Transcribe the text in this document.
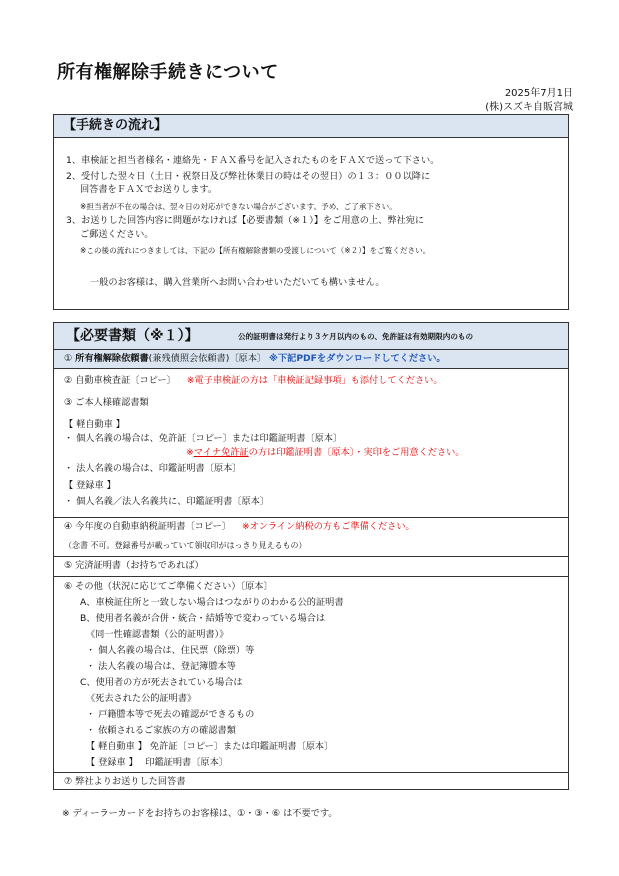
所有権解除手続きについて
2025年7月1日
(株)スズキ自販宮城
【手続きの流れ】
1、車検証と担当者様名・連絡先・ＦＡＸ番号を記入されたものをＦＡＸで送って下さい。
2、受付した翌々日（土日・祝祭日及び弊社休業日の時はその翌日）の１３：００以降に
回答書をＦＡＸでお送りします。
※担当者が不在の場合は、翌々日の対応ができない場合がございます。予め、ご了承下さい。
3、お送りした回答内容に問題がなければ【必要書類（※１）】をご用意の上、弊社宛に
ご郵送ください。
※この後の流れにつきましては、下記の【所有権解除書類の受渡しについて（※２）】をご覧ください。
一般のお客様は、購入営業所へお問い合わせいただいても構いません。
【必要書類（※１）】	公的証明書は発行より３ケ月以内のもの、免許証は有効期限内のもの
① 所有権解除依頼書(兼残債照会依頼書)〔原本〕 ※下記PDFをダウンロードしてください。
② 自動車検査証〔コピー〕 ※電子車検証の方は「車検証記録事項」も添付してください。
③ ご本人様確認書類
【 軽自動車 】
・ 個人名義の場合は、免許証〔コピー〕または印鑑証明書〔原本〕
※マイナ免許証の方は印鑑証明書〔原本〕・実印をご用意ください。
・ 法人名義の場合は、印鑑証明書〔原本〕
【 登録車 】
・ 個人名義／法人名義共に、印鑑証明書〔原本〕
④ 今年度の自動車納税証明書〔コピー〕 ※オンライン納税の方もご準備ください。
（念書 不可。登録番号が載っていて領収印がはっきり見えるもの）
⑤ 完済証明書（お持ちであれば）
⑥ その他（状況に応じてご準備ください）〔原本〕
A、車検証住所と一致しない場合はつながりのわかる公的証明書
B、使用者名義が合併・統合・結婚等で変わっている場合は
《同一性確認書類（公的証明書）》
・ 個人名義の場合は、住民票（除票）等
・ 法人名義の場合は、登記簿謄本等
C、使用者の方が死去されている場合は
《死去された公的証明書》
・ 戸籍謄本等で死去の確認ができるもの
・ 依頼されるご家族の方の確認書類
【 軽自動車 】 免許証〔コピー〕または印鑑証明書〔原本〕
【 登録車 】　 印鑑証明書〔原本〕
⑦ 弊社よりお送りした回答書
※ ディーラーカードをお持ちのお客様は、①・③・⑥ は不要です。
